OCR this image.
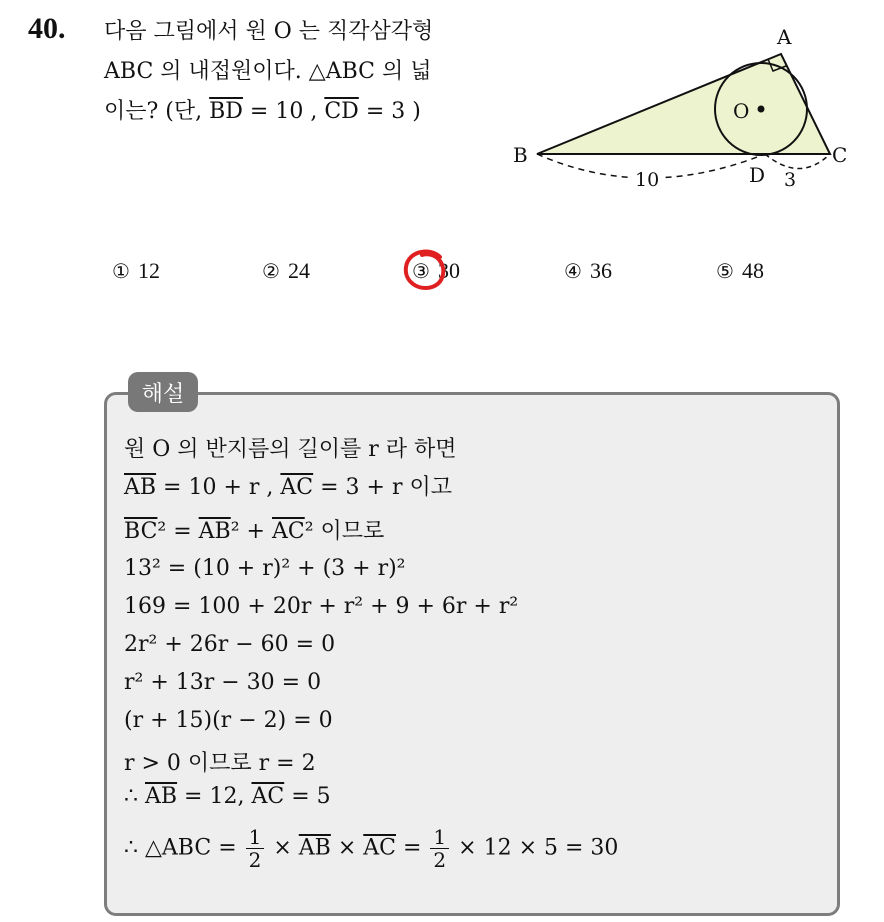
40. 다음 그림에서 원 O 는 직각삼각형
ABC 의 내접원이다. △ABC 의 넓
이는? (단, $\overline{BD} = 10$ , $\overline{CD} = 3$ )
A
B	C
D
O
10	3
① 12	② 24	③ 30	④ 36	⑤ 48
해설
원 O 의 반지름의 길이를 r 라 하면
$\overline{AB} = 10 + r$ , $\overline{AC} = 3 + r$ 이고
$\overline{BC}^2 = \overline{AB}^2 + \overline{AC}^2$ 이므로
13² = (10 + r)² + (3 + r)²
169 = 100 + 20r + r² + 9 + 6r + r²
2r² + 26r − 60 = 0
r² + 13r − 30 = 0
(r + 15)(r − 2) = 0
r > 0 이므로 r = 2
∴ $\overline{AB} = 12$, $\overline{AC} = 5$
∴ △ABC = $\frac{1}{2} \times \overline{AB} \times \overline{AC} = \frac{1}{2} \times 12 \times 5 = 30$
